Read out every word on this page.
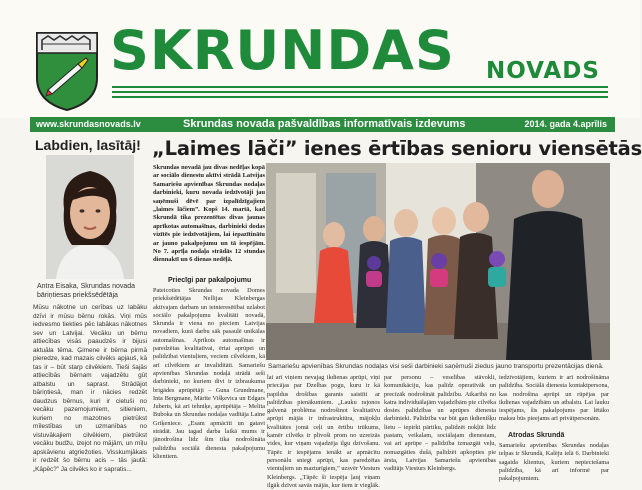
SKRUNDAS NOVADS
www.skrundasnovads.lv	Skrundas novada pašvaldības informatīvais izdevums	2014. gada 4.aprīlis
Labdien, lasītāj!
Antra Eisaka, Skrundas novada bāriņtiesas priekšsēdētāja
Mūsu nākotne un cerības uz labāku dzīvi ir mūsu bērnu rokās. Viņi mūs iedvesmo tiekties pēc labākas nākotnes sev un Latvijai. Vecāku un bērnu attiecības visās paaudzēs ir bijusi aktuāla tēma. Ģimene ir bērna pirmā pieredze, kad mazais cilvēks apjauš, kā tas ir – būt starp cilvēkiem. Tieši šajās attiecībās bērnam vajadzētu gūt atbalstu un saprast. Strādājot bāriņtiesā, man ir nācies redzēt daudzus bērnus, kuri ir cietuši no vecāku pazemojumiem, sitieniem, kuriem no mazotnes pietrūkst mīlestības un uzmanības no vistuvākajiem cilvēkiem, pietrūkst vecāku budžu, izejot no mājām, un mīļu apskāvienu atgriežoties. Visskumjākais ir redzēt šo bērnu acis – tās jautā: „Kāpēc?” Ja cilvēks ko ir sapratis...
„Laimes lāči” ienes ērtības senioru viensētās
Skrundas novadā jau divas nedēļas kopā ar sociālo dienestu aktīvi strādā Latvijas Samariešu apvienības Skrundas nodaļas darbinieki, kuru novada iedzīvotāji jau saņēmuši dēvē par izpalīdzīgajiem „laimes lāčiem”. Kopš 14. martā, kad Skrundā tika prezentētas divas jaunas aprīkotas automašīnas, darbinieki dodas vizītēs pie iedzīvotājiem, lai iepazītinātu ar jauno pakalpojumu un tā iespējām. No 7. aprīļa nodaļa strādās 12 stundas diennaktī un 6 dienas nedēļā.
Priecīgi par pakalpojumu
Pateicoties Skrundas novada Domes priekšsēdētājas Nellijas Kleinbergas aktīvajam darbam un ieinteresētībai uzlabot sociālo pakalpojumu kvalitāti novadā, Skrunda ir viena no pieciem Latvijas novadiem, kurā darbu sāk pasaulē unikālas automašīnas. Aprīkots automašīnas ir paredzētas kvalitatīvai, ērtai aprūpei un palīdzībai vientuļiem, veciem cilvēkiem, kā arī cilvēkiem ar invaliditāti. Samariešu apvienības Skrundas nodaļā strādā seši darbinieki, no kuriem divi ir izbraukuma brigādes aprūpētāji – Guna Grundmane, Inta Bergmane, Mārīte Višķevica un Edgars Juberts, kā arī tehniķe, aprūpētāja – Melita Buboka un Skrundas nodaļas vadītāja Laine Griķeniece. „Esam apmācīti un gatavi strādāt. Jau tagad darba laikā mums ir jānodrošina līdz šim tika nodrošināta palīdzība sociālā dienesta pakalpojumu klientiem.
Samariešu apvienības Skrundas nodaļas visi seši darbinieki saņēmuši ziedus jauno transportu prezentācijas dienā.
lai arī viņiem nevajag ikdienas aprūpi, viņi priecājas par Dzelbas pogu, kuru ir kā papildus drošības garants saistīti ar palīdzības pienākumiem. „Lauku rajonos galvenā problēma nodrošinot kvalitatīvu aprūpi mājās ir infrastruktūra, mājokļu kvalitātes jomā ceļi un ērtību trūkums, kamēr cilvēks ir plīvoši prom no uzreizās vides, kur viņam vajadzēja ilgu dzīvošanu. Tāpēc ir iespējams ienākt ar apmācītu personālu sniegt aprūpi, kas paredzētas vientuļiem un mazturīgiem,” uzsvēr Viesturs Kleinbergs. „Tāpēc šī iespēja ļauj viņam ilgāk dzīvot savās mājās, kur tiem ir vieglāk.
par personu – veselības stāvokli, komunikāciju, kas palīdz operatīvāk un precīzāk nodrošināt palīdzību. Atkarībā no katra individuālajām vajadzībām pie cilvēka dosies palīdzības un aprūpes dienesta darbinieki. Palīdzība var būt gan ikdienišķu lietu – iepirkt pārtiku, palīdzēt nokļūt līdz pastam, veikalam, sociālajam dienestam, vai arī aprūpe – palīdzība izmazgāt veļu, nomazgāties dušā, palīdzēt apkopties pie ārsta, Latvijas Samariešu apvienības vadītājs Viesturs Kleinbergs.
iedzīvotājiem, kuriem ir arī nodrošināma palīdzība. Sociālā dienesta kontaktpersona, kas nodrošina aprūpi un rūpējas par ikdienas vajadzībām un atbalstu. Lai lauku iespējams, šis pakalpojums par lētāko maksu būs pieejams arī privātpersonām.
Atrodas Skrundā
Samariešu apvienības Skrundas nodaļas telpas ir Skrundā, Kalēju ielā 6. Darbinieki sagaida klientus, kuriem nepieciešama palīdzība, kā arī informē par pakalpojumiem.
